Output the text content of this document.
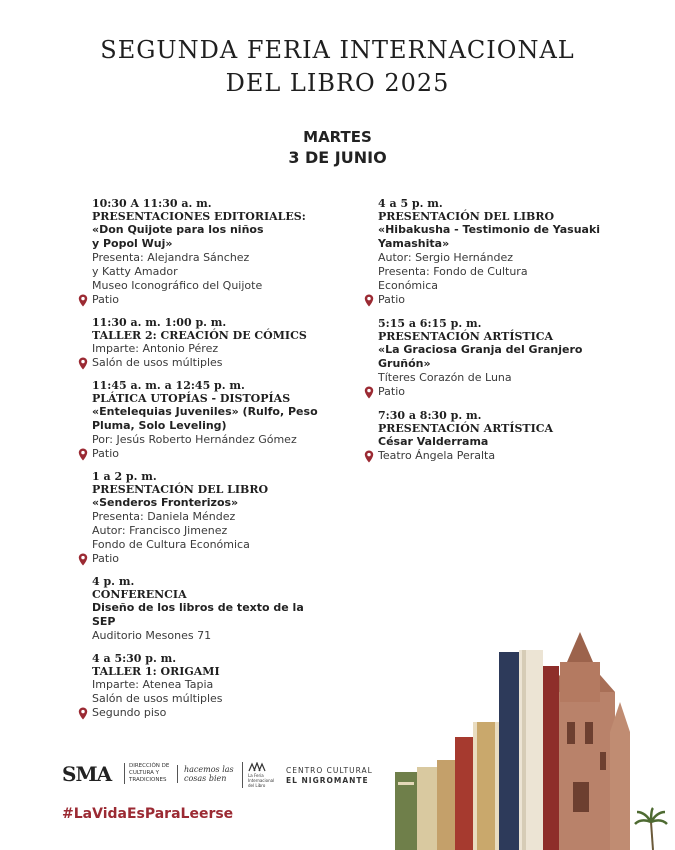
SEGUNDA FERIA INTERNACIONAL
DEL LIBRO 2025
MARTES
3 DE JUNIO
10:30 A 11:30 a. m.
PRESENTACIONES EDITORIALES:
«Don Quijote para los niños
y Popol Wuj»
Presenta: Alejandra Sánchez
y Katty Amador
Museo Iconográfico del Quijote
Patio
11:30 a. m. 1:00 p. m.
TALLER 2: CREACIÓN DE CÓMICS
Imparte: Antonio Pérez
Salón de usos múltiples
11:45 a. m. a 12:45 p. m.
PLÁTICA UTOPÍAS - DISTOPÍAS
«Entelequias Juveniles» (Rulfo, Peso
Pluma, Solo Leveling)
Por: Jesús Roberto Hernández Gómez
Patio
1 a 2 p. m.
PRESENTACIÓN DEL LIBRO
«Senderos Fronterizos»
Presenta: Daniela Méndez
Autor: Francisco Jimenez
Fondo de Cultura Económica
Patio
4 p. m.
CONFERENCIA
Diseño de los libros de texto de la
SEP
Auditorio Mesones 71
4 a 5:30 p. m.
TALLER 1: ORIGAMI
Imparte: Atenea Tapia
Salón de usos múltiples
Segundo piso
4 a 5 p. m.
PRESENTACIÓN DEL LIBRO
«Hibakusha - Testimonio de Yasuaki
Yamashita»
Autor: Sergio Hernández
Presenta: Fondo de Cultura
Económica
Patio
5:15 a 6:15 p. m.
PRESENTACIÓN ARTÍSTICA
«La Graciosa Granja del Granjero
Gruñón»
Títeres Corazón de Luna
Patio
7:30 a 8:30 p. m.
PRESENTACIÓN ARTÍSTICA
César Valderrama
Teatro Ángela Peralta
SMA	DIRECCIÓN DE CULTURA Y TRADICIONES
hacemos las cosas bien	La Feria Internacional del Libro
CENTRO CULTURAL
EL NIGROMANTE
#LaVidaEsParaLeerse
